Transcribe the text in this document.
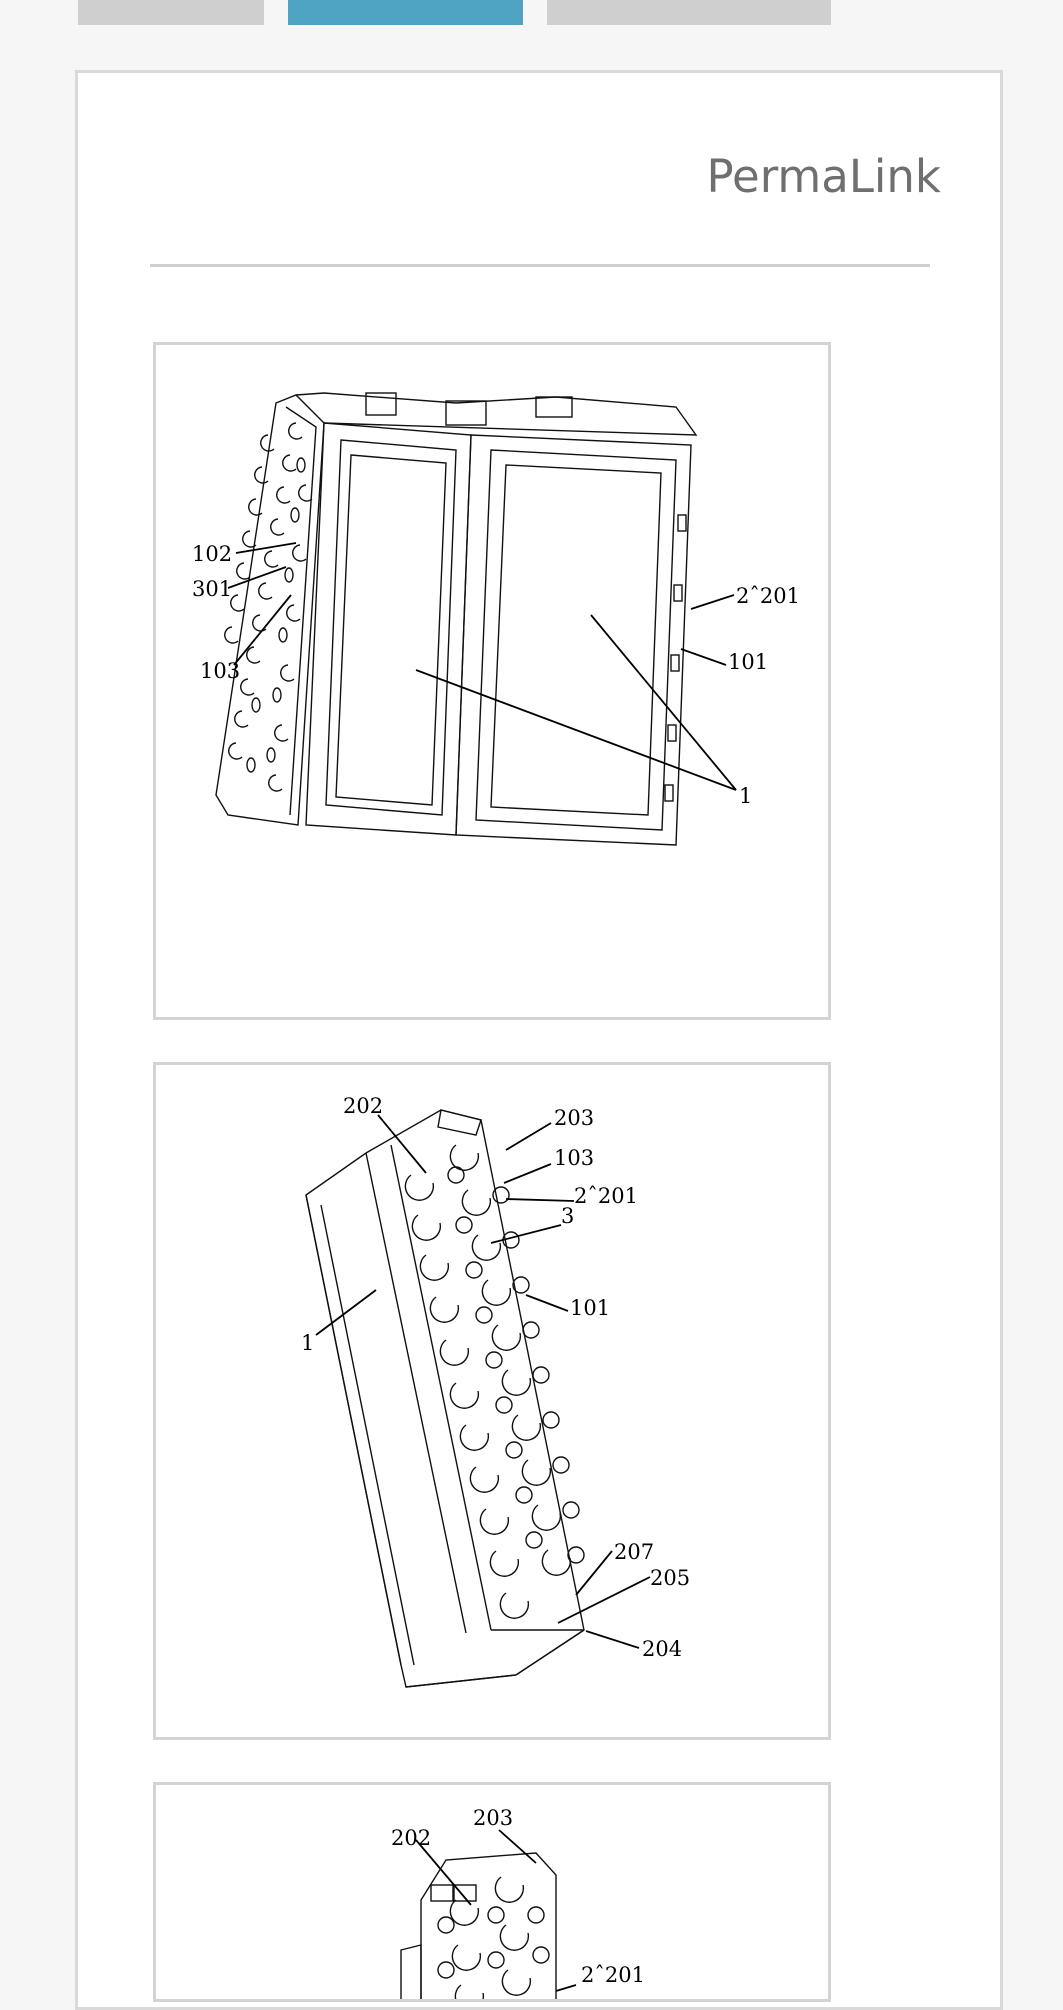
PermaLink
102
301
103
2ˆ201
101
1
202	203
103
2ˆ201
3
101
1
207
205
204
202
203
2ˆ201
